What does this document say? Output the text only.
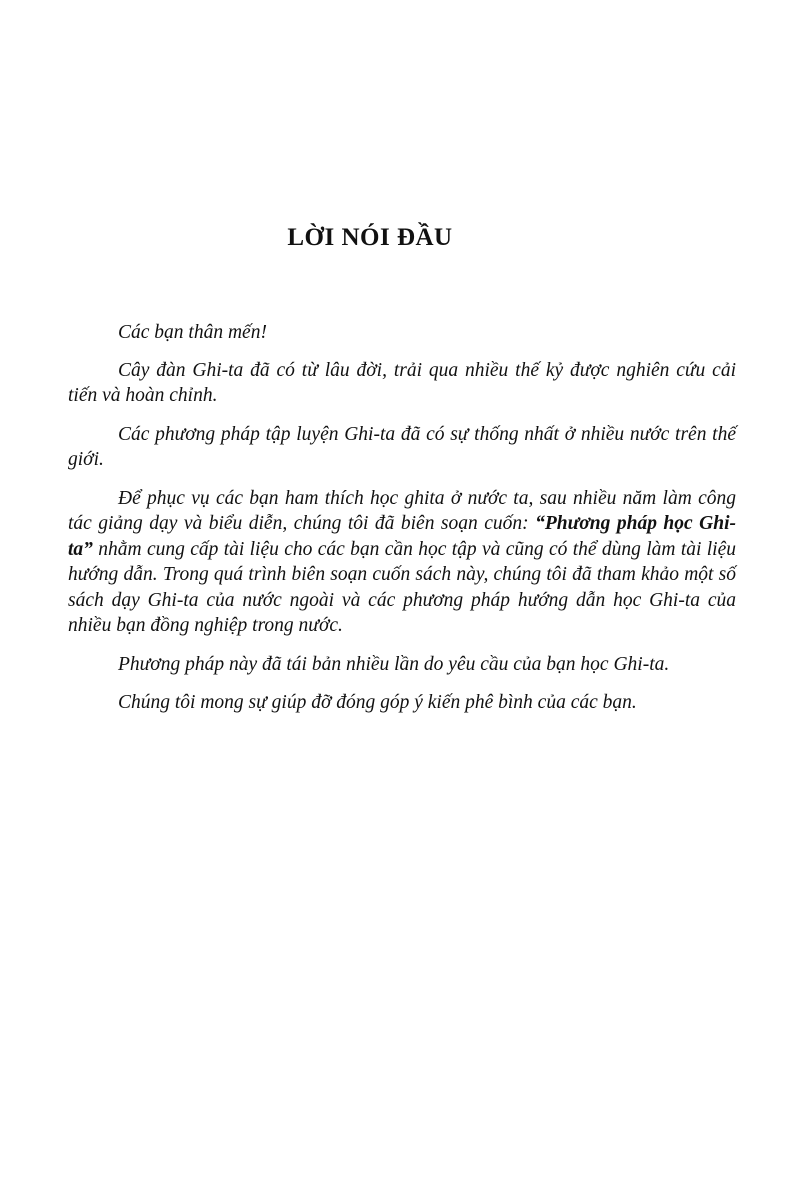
LỜI NÓI ĐẦU

Các bạn thân mến!

Cây đàn Ghi-ta đã có từ lâu đời, trải qua nhiều thế kỷ được nghiên cứu cải tiến và hoàn chỉnh.

Các phương pháp tập luyện Ghi-ta đã có sự thống nhất ở nhiều nước trên thế giới.

Để phục vụ các bạn ham thích học ghita ở nước ta, sau nhiều năm làm công tác giảng dạy và biểu diễn, chúng tôi đã biên soạn cuốn: “Phương pháp học Ghi-ta” nhằm cung cấp tài liệu cho các bạn cần học tập và cũng có thể dùng làm tài liệu hướng dẫn. Trong quá trình biên soạn cuốn sách này, chúng tôi đã tham khảo một số sách dạy Ghi-ta của nước ngoài và các phương pháp hướng dẫn học Ghi-ta của nhiều bạn đồng nghiệp trong nước.

Phương pháp này đã tái bản nhiều lần do yêu cầu của bạn học Ghi-ta.

Chúng tôi mong sự giúp đỡ đóng góp ý kiến phê bình của các bạn.
